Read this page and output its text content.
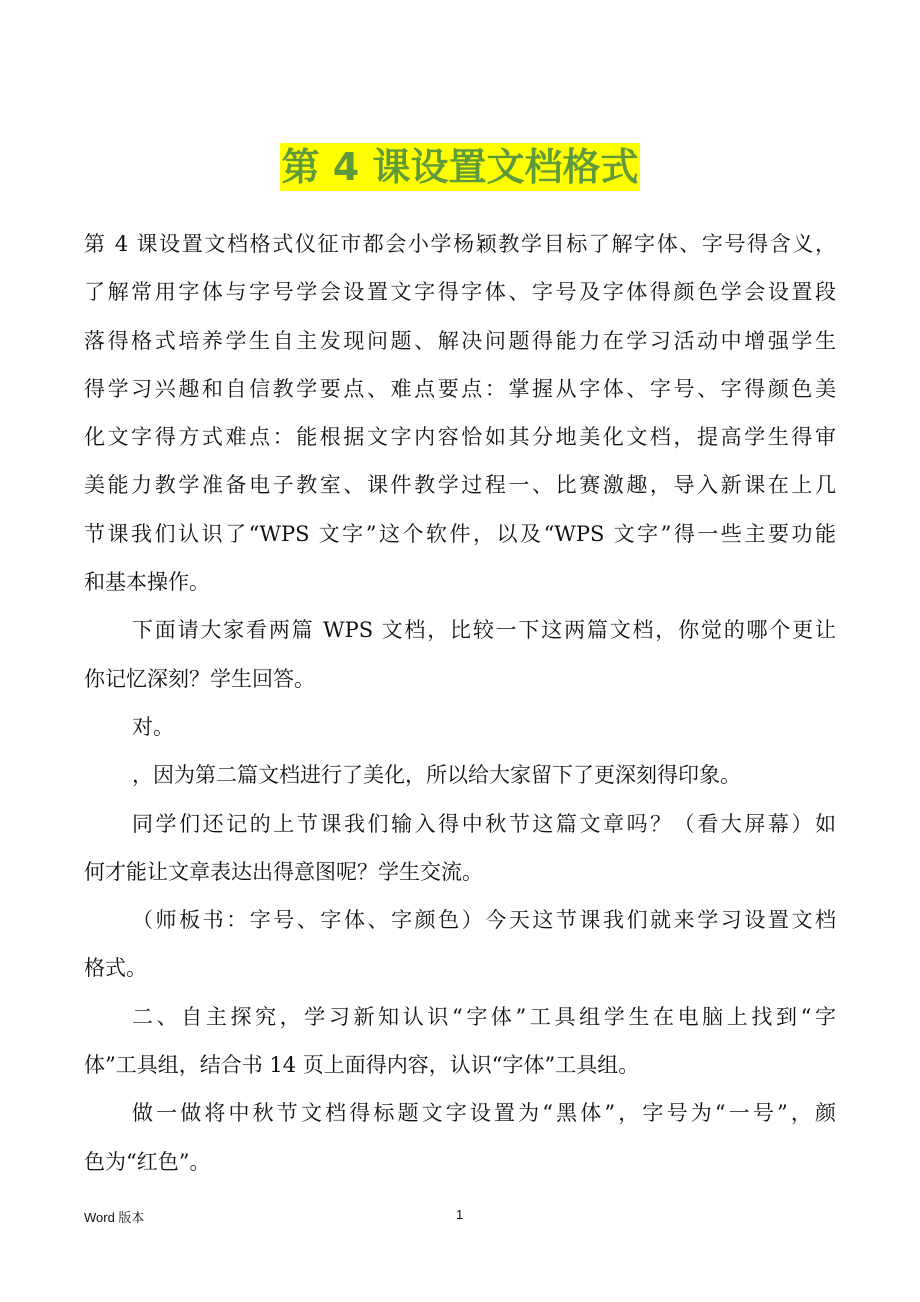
第 4 课设置文档格式
第 4 课设置文档格式仪征市都会小学杨颖教学目标了解字体、字号得含义，
了解常用字体与字号学会设置文字得字体、字号及字体得颜色学会设置段
落得格式培养学生自主发现问题、解决问题得能力在学习活动中增强学生
得学习兴趣和自信教学要点、难点要点：掌握从字体、字号、字得颜色美
化文字得方式难点：能根据文字内容恰如其分地美化文档，提高学生得审
美能力教学准备电子教室、课件教学过程一、比赛激趣，导入新课在上几
节课我们认识了“WPS 文字”这个软件，以及“WPS 文字”得一些主要功能
和基本操作。
下面请大家看两篇 WPS 文档，比较一下这两篇文档，你觉的哪个更让
你记忆深刻？学生回答。
对。
，因为第二篇文档进行了美化，所以给大家留下了更深刻得印象。
同学们还记的上节课我们输入得中秋节这篇文章吗？（看大屏幕）如
何才能让文章表达出得意图呢？学生交流。
（师板书：字号、字体、字颜色）今天这节课我们就来学习设置文档
格式。
二、自主探究，学习新知认识“字体”工具组学生在电脑上找到“字
体”工具组，结合书 14 页上面得内容，认识“字体”工具组。
做一做将中秋节文档得标题文字设置为“黑体”，字号为“一号”，颜
色为“红色”。
Word 版本	1
